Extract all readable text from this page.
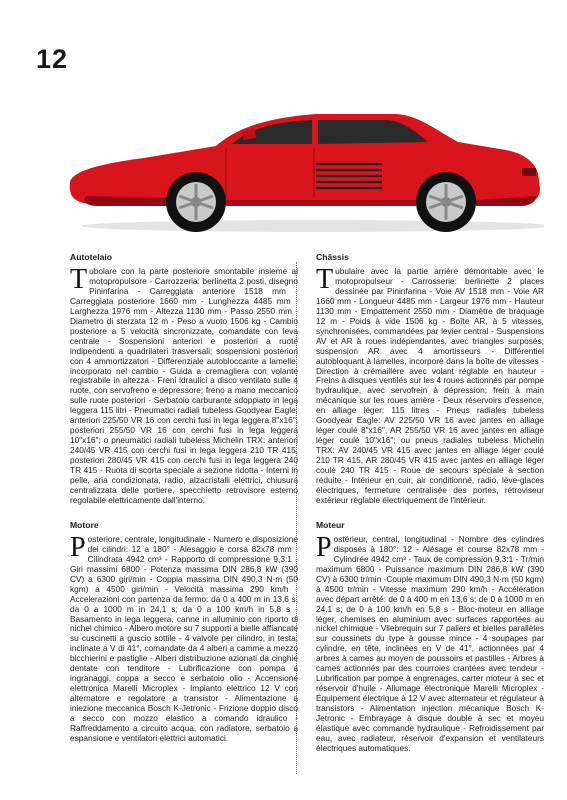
12
Autotelaio

Tubolare con la parte posteriore smontabile insieme al motopropulsore - Carrozzeria: berlinetta 2 posti, disegno Pininfarina - Carreggiata anteriore 1518 mm - Carreggiata posteriore 1660 mm - Lunghezza 4485 mm - Larghezza 1976 mm - Altezza 1130 mm - Passo 2550 mm - Diametro di sterzata 12 m - Peso a vuoto 1506 kg - Cambio posteriore a 5 velocità sincronizzate, comandate con leva centrale - Sospensioni anteriori e posteriori a ruote indipendenti a quadrilateri trasversali; sospensioni posteriori con 4 ammortizzatori - Differenziale autobloccante a lamelle, incorporato nel cambio - Guida a cremagliera con volante registrabile in altezza - Freni idraulici a disco ventilato sulle 4 ruote, con servofreno e depressore; freno a mano meccanico sulle ruote posteriori - Serbatoio carburante sdoppiato in lega leggera 115 litri - Pneumatici radiali tubeless Goodyear Eagle: anteriori 225/50 VR 16 con cerchi fusi in lega leggera 8"x16", posteriori 255/50 VR 16 con cerchi fusi in lega leggera 10"x16"; o pneumatici radiali tubeless Michelin TRX: anteriori 240/45 VR 415 con cerchi fusi in lega leggera 210 TR 415, posteriori 280/45 VR 415 con cerchi fusi in lega leggera 240 TR 415 - Ruota di scorta speciale a sezione ridotta - Interni in pelle, aria condizionata, radio, alzacristalli elettrici, chiusura centralizzata delle portiere, specchietto retrovisore esterno regolabile elettricamente dall'interno.

Motore

Posteriore, centrale, longitudinale - Numero e disposizione dei cilindri: 12 a 180° - Alesaggio e corsa 82x78 mm - Cilindrata 4942 cm³ - Rapporto di compressione 9,3:1 - Giri massimi 6800 - Potenza massima DIN 286,8 kW (390 CV) a 6300 giri/min - Coppia massima DIN 490,3 N·m (50 kgm) a 4500 giri/min - Velocità massima 290 km/h - Accelerazioni con partenza da fermo: da 0 a 400 m in 13,6 s; da 0 a 1000 m in 24,1 s; da 0 a 100 km/h in 5,8 s - Basamento in lega leggera, canne in alluminio con riporto di nichel chimico - Albero motore su 7 supporti a bielle affiancate su cuscinetti a guscio sottile - 4 valvole per cilindro, in testa, inclinate a V di 41°, comandate da 4 alberi a camme a mezzo bicchierini e pastiglie - Alberi distribuzione azionati da cinghie dentate con tenditore - Lubrificazione con pompa a ingranaggi, coppa a secco e serbatoio olio - Accensione elettronica Marelli Microplex - Impianto elettrico 12 V con alternatore e regolatore a transistor - Alimentazione a iniezione meccanica Bosch K-Jetronic - Frizione doppio disco a secco con mozzo elastico a comando idraulico - Raffreddamento a circuito acqua, con radiatore, serbatoio a espansione e ventilatori elettrici automatici.

Châssis

Tubulaire avec la partie arrière démontable avec le motopropulseur - Carrosserie: berlinette 2 places dessinée par Pininfarina - Voie AV 1518 mm - Voie AR 1660 mm - Longueur 4485 mm - Largeur 1976 mm - Hauteur 1130 mm - Empattement 2550 mm - Diamètre de braquage 12 m - Poids à vide 1506 kg - Boîte AR, à 5 vitesses, synchronisées, commandées par levier central - Suspensions AV et AR à roues indépendantes, avec triangles surposés; suspension AR avec 4 amortisseurs - Différentiel autobloquant à lamelles, incorporé dans la boîte de vitesses - Direction à crémaillère avec volant réglable en hauteur - Freins à disques ventilés sur les 4 roues actionnés par pompe hydraulique, avec servofrein à dépression; frein à main mécanique sur les roues arrière - Deux réservoirs d'essence, en alliage léger: 115 litres - Pneus radiales tubeless Goodyear Eagle: AV 225/50 VR 16 avec jantes en alliage léger coulé 8"x16", AR 255/50 VR 16 avec jantes en alliage léger coulé 10"x16"; ou pneus radiales tubeless Michelin TRX: AV 240/45 VR 415 avec jantes en alliage léger coulé 210 TR 415, AR 280/45 VR 415 avec jantes en alliage léger coulé 240 TR 415 - Roue de secours spéciale à section réduite - Intérieur en cuir, air conditionné, radio, lève-glaces électriques, fermeture centralisée des portes, rétroviseur extérieur réglable électriquement de l'intérieur.

Moteur

Postérieur, central, longitudinal - Nombre des cylindres disposés à 180°: 12 - Alésage et course 82x78 mm - Cylindrée 4942 cm³ - Taux de compression 9,3:1 - Tr/min maximum 6800 - Puissance maximum DIN 286,8 kW (390 CV) à 6300 tr/min -Couple maximum DIN 490,3 N·m (50 kgm) à 4500 tr/min - Vitesse maximum 290 km/h - Accélération avec départ arrêté: de 0 à 400 m en 13,6 s; de 0 à 1000 m en 24,1 s; de 0 à 100 km/h en 5,8 s - Bloc-moteur en alliage léger, chemises en aluminium avec surfaces rapportées au nickel chimique - Vilebrequin sur 7 paliers et bielles parallèles sur coussinets du type à gousse mince - 4 soupapes par cylindre, en tête, inclinées en V de 41°, actionnées par 4 arbres à cames au moyen de poussoirs et pastilles - Arbres à cames actionnés par des courroies crantées avec tendeur - Lubrification par pompe à engrenages, carter moteur à sec et réservoir d'huile - Allumage électronique Marelli Microplex - Équipement électrique à 12 V avec alternateur et régulateur à transistors - Alimentation injection mécanique Bosch K-Jetronic - Embrayage à disque double à sec et moyeu élastique avec commande hydraulique - Refroidissement par eau, avec radiateur, réservoir d'expansion et ventilateurs électriques automatiques.
